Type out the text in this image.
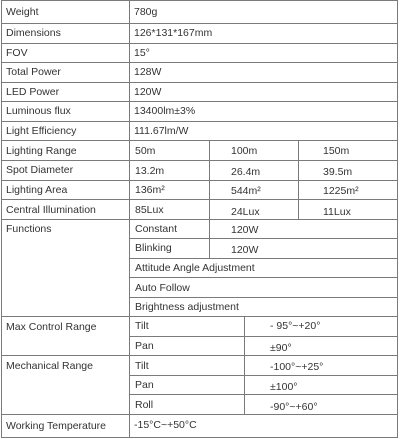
Weight	780g
Dimensions	126*131*167mm
FOV	15°
Total Power	128W
LED Power	120W
Luminous flux	13400lm±3%
Light Efficiency	111.67lm/W
Lighting Range	50m	100m	150m
Spot Diameter	13.2m	26.4m	39.5m
Lighting Area	136m²	544m²	1225m²
Central Illumination	85Lux	24Lux	11Lux
Functions	Constant	120W
Blinking	120W
Attitude Angle Adjustment
Auto Follow
Brightness adjustment
Max Control Range	Tilt	- 95°~+20°
Pan	±90°
Mechanical Range	Tilt	-100°~+25°
Pan	±100°
Roll	-90°~+60°
Working Temperature	-15°C~+50°C
